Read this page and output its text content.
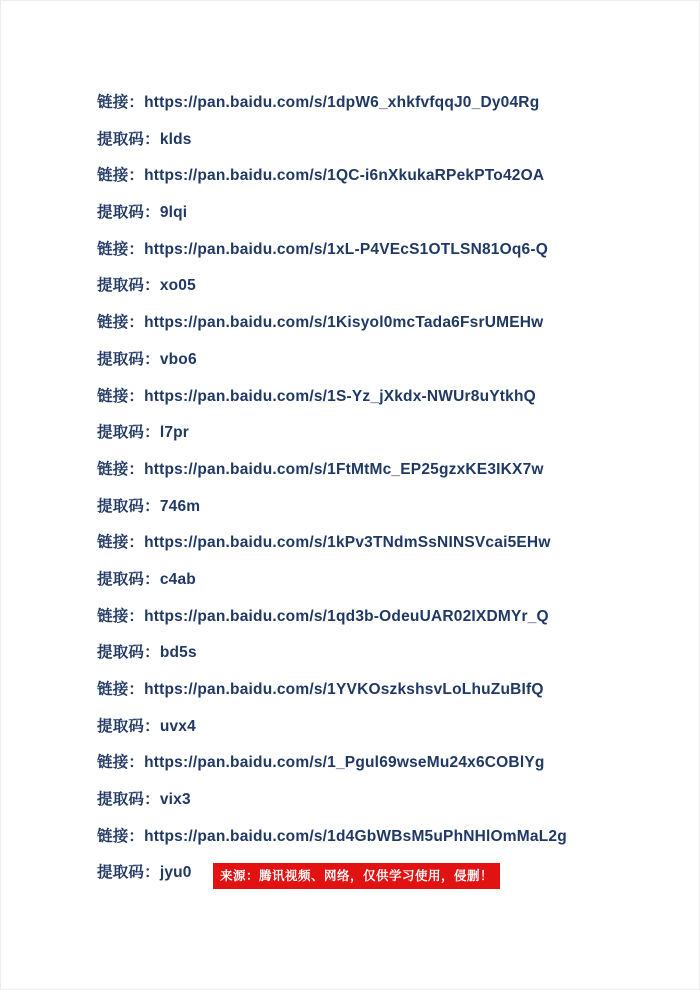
链接：https://pan.baidu.com/s/1dpW6_xhkfvfqqJ0_Dy04Rg
提取码：klds
链接：https://pan.baidu.com/s/1QC-i6nXkukaRPekPTo42OA
提取码：9lqi
链接：https://pan.baidu.com/s/1xL-P4VEcS1OTLSN81Oq6-Q
提取码：xo05
链接：https://pan.baidu.com/s/1Kisyol0mcTada6FsrUMEHw
提取码：vbo6
链接：https://pan.baidu.com/s/1S-Yz_jXkdx-NWUr8uYtkhQ
提取码：l7pr
链接：https://pan.baidu.com/s/1FtMtMc_EP25gzxKE3IKX7w
提取码：746m
链接：https://pan.baidu.com/s/1kPv3TNdmSsNINSVcai5EHw
提取码：c4ab
链接：https://pan.baidu.com/s/1qd3b-OdeuUAR02IXDMYr_Q
提取码：bd5s
链接：https://pan.baidu.com/s/1YVKOszkshsvLoLhuZuBIfQ
提取码：uvx4
链接：https://pan.baidu.com/s/1_Pgul69wseMu24x6COBlYg
提取码：vix3
链接：https://pan.baidu.com/s/1d4GbWBsM5uPhNHlOmMaL2g
提取码：jyu0	来源：腾讯视频、网络，仅供学习使用，侵删！
